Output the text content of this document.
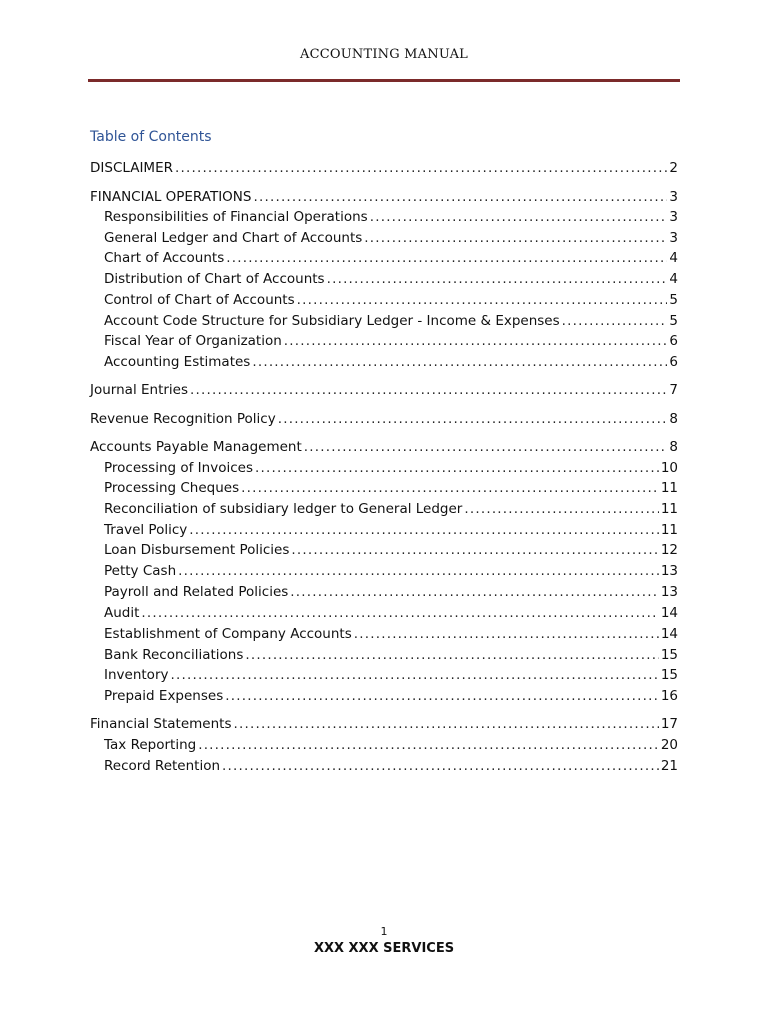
ACCOUNTING MANUAL
Table of Contents
DISCLAIMER .....	2
FINANCIAL OPERATIONS .....	3
Responsibilities of Financial Operations .....	3
General Ledger and Chart of Accounts .....	3
Chart of Accounts .....	4
Distribution of Chart of Accounts .....	4
Control of Chart of Accounts .....	5
Account Code Structure for Subsidiary Ledger - Income & Expenses .....	5
Fiscal Year of Organization .....	6
Accounting Estimates .....	6
Journal Entries .....	7
Revenue Recognition Policy .....	8
Accounts Payable Management .....	8
Processing of Invoices .....	10
Processing Cheques .....	11
Reconciliation of subsidiary ledger to General Ledger .....	11
Travel Policy .....	11
Loan Disbursement Policies .....	12
Petty Cash .....	13
Payroll and Related Policies .....	13
Audit .....	14
Establishment of Company Accounts .....	14
Bank Reconciliations .....	15
Inventory .....	15
Prepaid Expenses .....	16
Financial Statements .....	17
Tax Reporting .....	20
Record Retention .....	21
1
XXX XXX SERVICES
